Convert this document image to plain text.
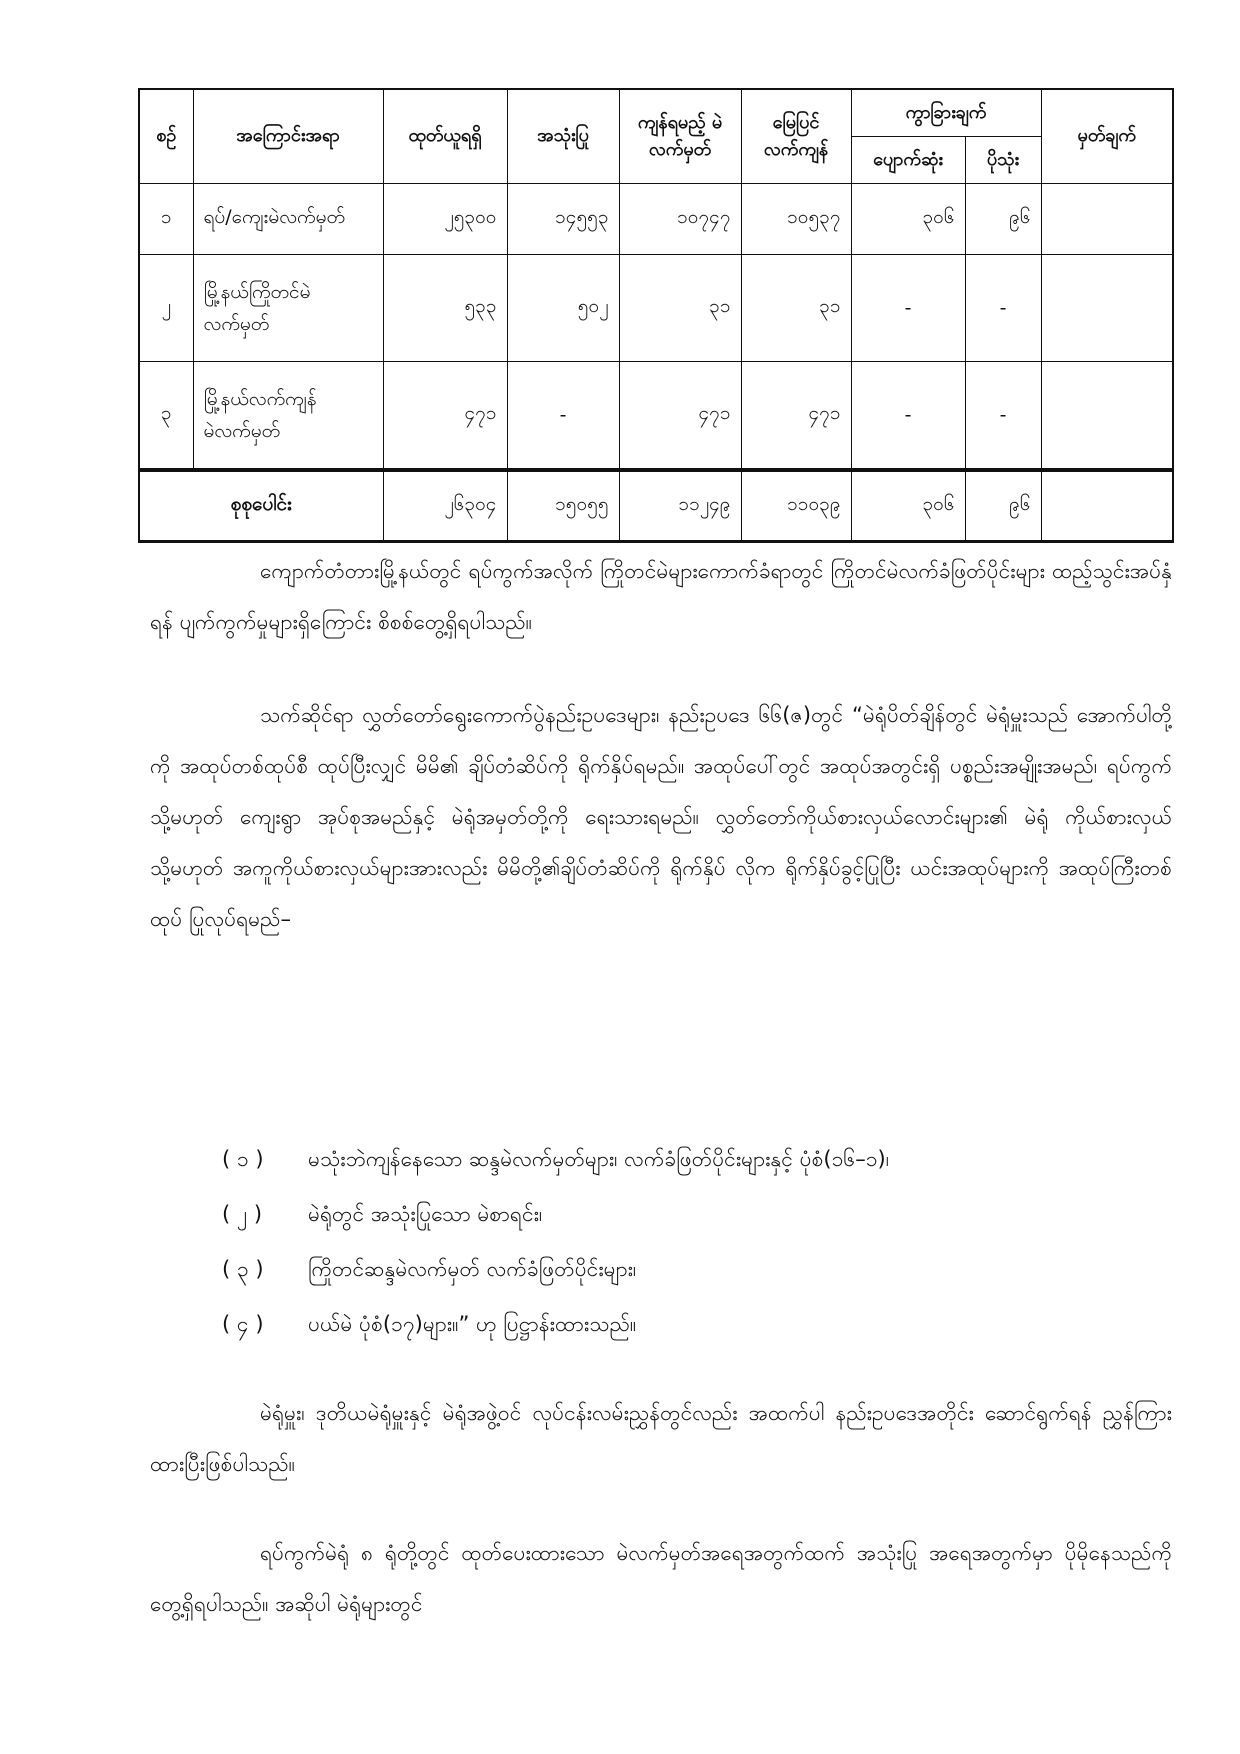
စဉ်	အကြောင်းအရာ	ထုတ်ယူရရှိ	အသုံးပြု	ကျန်ရမည့် မဲလက်မှတ်	မြေပြင် လက်ကျန်	ကွာခြားချက်		မှတ်ချက်
						ပျောက်ဆုံး	ပိုသုံး	
၁	ရပ်/ကျေးမဲလက်မှတ်	၂၅၃၀၀	၁၄၅၅၃	၁၀၇၄၇	၁၀၅၃၇	၃၀၆	၉၆	
၂	မြို့နယ်ကြိုတင်မဲ
လက်မှတ်	၅၃၃	၅၀၂	၃၁	၃၁	-	-	
၃	မြို့နယ်လက်ကျန်
မဲလက်မှတ်	၄၇၁	-	၄၇၁	၄၇၁	-	-	
စုစုပေါင်း		၂၆၃၀၄	၁၅၀၅၅	၁၁၂၄၉	၁၁၀၃၉	၃၀၆	၉၆	

ကျောက်တံတားမြို့နယ်တွင် ရပ်ကွက်အလိုက် ကြိုတင်မဲများကောက်ခံရာတွင် ကြိုတင်မဲလက်ခံဖြတ်ပိုင်းများ ထည့်သွင်းအပ်နှံရန် ပျက်ကွက်မှုများရှိကြောင်း စိစစ်တွေ့ရှိရပါသည်။

သက်ဆိုင်ရာ လွှတ်တော်ရွေးကောက်ပွဲနည်းဥပဒေများ၊ နည်းဥပဒေ ၆၆(ဇ)တွင် “မဲရုံပိတ်ချိန်တွင် မဲရုံမှူးသည် အောက်ပါတို့ကို အထုပ်တစ်ထုပ်စီ ထုပ်ပြီးလျှင် မိမိ၏ ချိပ်တံဆိပ်ကို ရိုက်နှိပ်ရမည်။ အထုပ်ပေါ်တွင် အထုပ်အတွင်းရှိ ပစ္စည်းအမျိုးအမည်၊ ရပ်ကွက် သို့မဟုတ် ကျေးရွာ အုပ်စုအမည်နှင့် မဲရုံအမှတ်တို့ကို ရေးသားရမည်။ လွှတ်တော်ကိုယ်စားလှယ်လောင်းများ၏ မဲရုံ ကိုယ်စားလှယ် သို့မဟုတ် အကူကိုယ်စားလှယ်များအားလည်း မိမိတို့၏ချိပ်တံဆိပ်ကို ရိုက်နှိပ် လိုက ရိုက်နှိပ်ခွင့်ပြုပြီး ယင်းအထုပ်များကို အထုပ်ကြီးတစ်ထုပ် ပြုလုပ်ရမည်–

( ၁ ) မသုံးဘဲကျန်နေသော ဆန္ဒမဲလက်မှတ်များ၊ လက်ခံဖြတ်ပိုင်းများနှင့် ပုံစံ(၁၆–၁)၊
( ၂ ) မဲရုံတွင် အသုံးပြုသော မဲစာရင်း၊
( ၃ ) ကြိုတင်ဆန္ဒမဲလက်မှတ် လက်ခံဖြတ်ပိုင်းများ၊
( ၄ ) ပယ်မဲ ပုံစံ(၁၇)များ။” ဟု ပြဋ္ဌာန်းထားသည်။

မဲရုံမှူး၊ ဒုတိယမဲရုံမှူးနှင့် မဲရုံအဖွဲ့ဝင် လုပ်ငန်းလမ်းညွှန်တွင်လည်း အထက်ပါ နည်းဥပဒေအတိုင်း ဆောင်ရွက်ရန် ညွှန်ကြားထားပြီးဖြစ်ပါသည်။

ရပ်ကွက်မဲရုံ ၈ ရုံတို့တွင် ထုတ်ပေးထားသော မဲလက်မှတ်အရေအတွက်ထက် အသုံးပြု အရေအတွက်မှာ ပိုမိုနေသည်ကို တွေ့ရှိရပါသည်။ အဆိုပါ မဲရုံများတွင်
